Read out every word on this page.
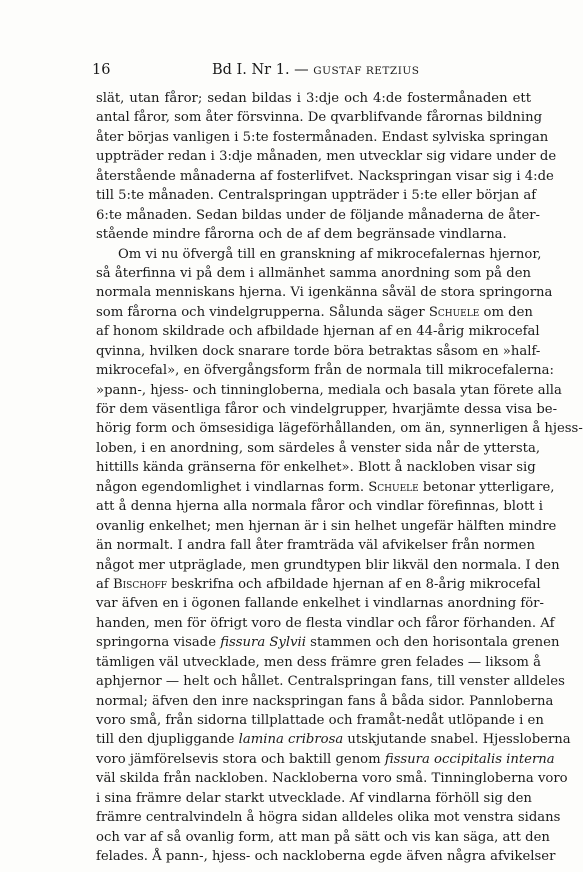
16	Bd I. Nr 1. — GUSTAF RETZIUS
slät, utan fåror; sedan bildas i 3:dje och 4:de fostermånaden ett
antal fåror, som åter försvinna. De qvarblifvande fårornas bildning
åter börjas vanligen i 5:te fostermånaden. Endast sylviska springan
uppträder redan i 3:dje månaden, men utvecklar sig vidare under de
återstående månaderna af fosterlifvet. Nackspringan visar sig i 4:de
till 5:te månaden. Centralspringan uppträder i 5:te eller början af
6:te månaden. Sedan bildas under de följande månaderna de åter-
stående mindre fårorna och de af dem begränsade vindlarna.
Om vi nu öfvergå till en granskning af mikrocefalernas hjernor,
så återfinna vi på dem i allmänhet samma anordning som på den
normala menniskans hjerna. Vi igenkänna såväl de stora springorna
som fårorna och vindelgrupperna. Sålunda säger Schuele om den
af honom skildrade och afbildade hjernan af en 44-årig mikrocefal
qvinna, hvilken dock snarare torde böra betraktas såsom en »half-
mikrocefal», en öfvergångsform från de normala till mikrocefalerna:
»pann-, hjess- och tinningloberna, mediala och basala ytan förete alla
för dem väsentliga fåror och vindelgrupper, hvarjämte dessa visa be-
hörig form och ömsesidiga lägeförhållanden, om än, synnerligen å hjess-
loben, i en anordning, som särdeles å venster sida når de yttersta,
hittills kända gränserna för enkelhet». Blott å nackloben visar sig
någon egendomlighet i vindlarnas form. Schuele betonar ytterligare,
att å denna hjerna alla normala fåror och vindlar förefinnas, blott i
ovanlig enkelhet; men hjernan är i sin helhet ungefär hälften mindre
än normalt. I andra fall åter framträda väl afvikelser från normen
något mer utpräglade, men grundtypen blir likväl den normala. I den
af Bischoff beskrifna och afbildade hjernan af en 8-årig mikrocefal
var äfven en i ögonen fallande enkelhet i vindlarnas anordning för-
handen, men för öfrigt voro de flesta vindlar och fåror förhanden. Af
springorna visade fissura Sylvii stammen och den horisontala grenen
tämligen väl utvecklade, men dess främre gren felades — liksom å
aphjernor — helt och hållet. Centralspringan fans, till venster alldeles
normal; äfven den inre nackspringan fans å båda sidor. Pannloberna
voro små, från sidorna tillplattade och framåt-nedåt utlöpande i en
till den djupliggande lamina cribrosa utskjutande snabel. Hjessloberna
voro jämförelsevis stora och baktill genom fissura occipitalis interna
väl skilda från nackloben. Nackloberna voro små. Tinningloberna voro
i sina främre delar starkt utvecklade. Af vindlarna förhöll sig den
främre centralvindeln å högra sidan alldeles olika mot venstra sidans
och var af så ovanlig form, att man på sätt och vis kan säga, att den
felades. Å pann-, hjess- och nackloberna egde äfven några afvikelser
